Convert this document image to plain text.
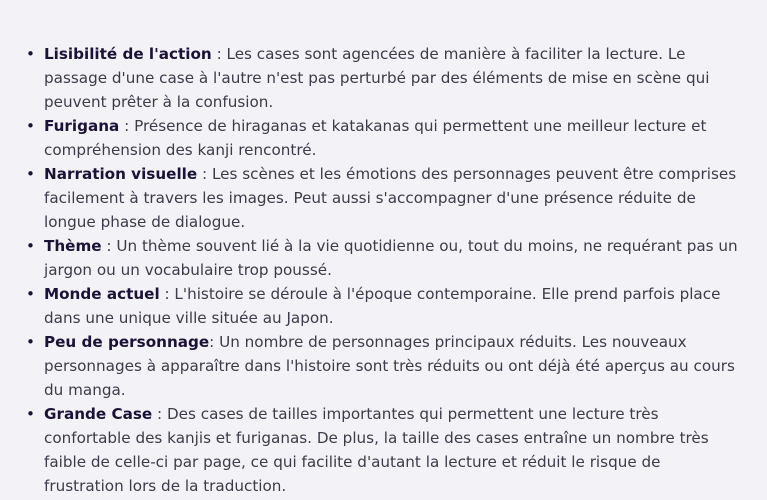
• Lisibilité de l'action : Les cases sont agencées de manière à faciliter la lecture. Le passage d'une case à l'autre n'est pas perturbé par des éléments de mise en scène qui peuvent prêter à la confusion.
• Furigana : Présence de hiraganas et katakanas qui permettent une meilleur lecture et compréhension des kanji rencontré.
• Narration visuelle : Les scènes et les émotions des personnages peuvent être comprises facilement à travers les images. Peut aussi s'accompagner d'une présence réduite de longue phase de dialogue.
• Thème : Un thème souvent lié à la vie quotidienne ou, tout du moins, ne requérant pas un jargon ou un vocabulaire trop poussé.
• Monde actuel : L'histoire se déroule à l'époque contemporaine. Elle prend parfois place dans une unique ville située au Japon.
• Peu de personnage: Un nombre de personnages principaux réduits. Les nouveaux personnages à apparaître dans l'histoire sont très réduits ou ont déjà été aperçus au cours du manga.
• Grande Case : Des cases de tailles importantes qui permettent une lecture très confortable des kanjis et furiganas. De plus, la taille des cases entraîne un nombre très faible de celle-ci par page, ce qui facilite d'autant la lecture et réduit le risque de frustration lors de la traduction.
